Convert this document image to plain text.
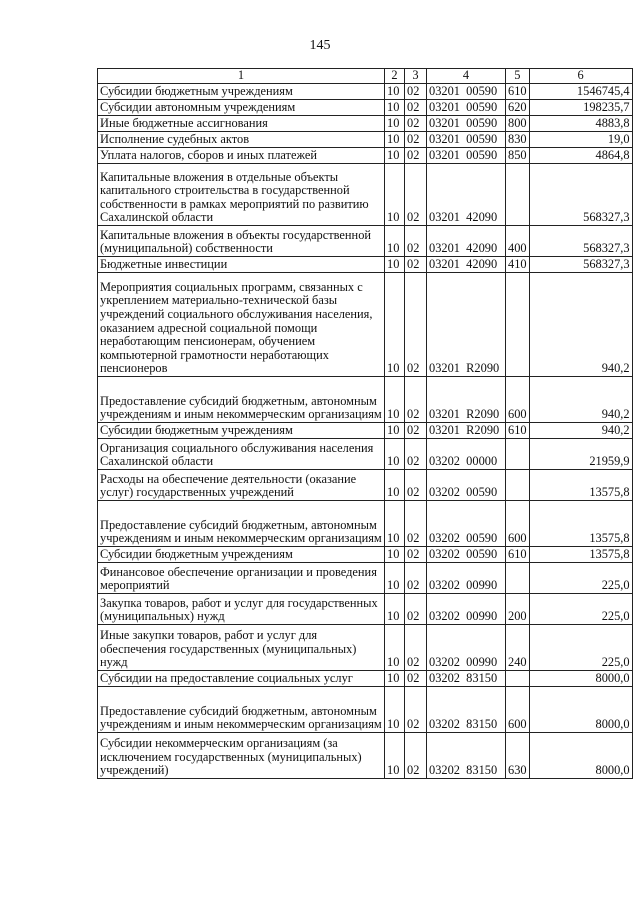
145
1	2	3	4	5	6
Субсидии бюджетным учреждениям	10	02	03201  00590	610	1546745,4
Субсидии автономным учреждениям	10	02	03201  00590	620	198235,7
Иные бюджетные ассигнования	10	02	03201  00590	800	4883,8
Исполнение судебных актов	10	02	03201  00590	830	19,0
Уплата налогов, сборов и иных платежей	10	02	03201  00590	850	4864,8
Капитальные вложения в отдельные объекты капитального строительства в государственной собственности в рамках мероприятий по развитию Сахалинской области	10	02	03201  42090		568327,3
Капитальные вложения в объекты государственной (муниципальной) собственности	10	02	03201  42090	400	568327,3
Бюджетные инвестиции	10	02	03201  42090	410	568327,3
Мероприятия социальных программ, связанных с укреплением материально-технической базы учреждений социального обслуживания населения, оказанием адресной социальной помощи неработающим пенсионерам, обучением компьютерной грамотности неработающих пенсионеров	10	02	03201  R2090		940,2
Предоставление субсидий бюджетным, автономным учреждениям и иным некоммерческим организациям	10	02	03201  R2090	600	940,2
Субсидии бюджетным учреждениям	10	02	03201  R2090	610	940,2
Организация социального обслуживания населения Сахалинской области	10	02	03202  00000		21959,9
Расходы на обеспечение деятельности (оказание услуг) государственных учреждений	10	02	03202  00590		13575,8
Предоставление субсидий бюджетным, автономным учреждениям и иным некоммерческим организациям	10	02	03202  00590	600	13575,8
Субсидии бюджетным учреждениям	10	02	03202  00590	610	13575,8
Финансовое обеспечение организации и проведения мероприятий	10	02	03202  00990		225,0
Закупка товаров, работ и услуг для государственных (муниципальных) нужд	10	02	03202  00990	200	225,0
Иные закупки товаров, работ и услуг для обеспечения государственных (муниципальных) нужд	10	02	03202  00990	240	225,0
Субсидии на предоставление социальных услуг	10	02	03202  83150		8000,0
Предоставление субсидий бюджетным, автономным учреждениям и иным некоммерческим организациям	10	02	03202  83150	600	8000,0
Субсидии некоммерческим организациям (за исключением государственных (муниципальных) учреждений)	10	02	03202  83150	630	8000,0
